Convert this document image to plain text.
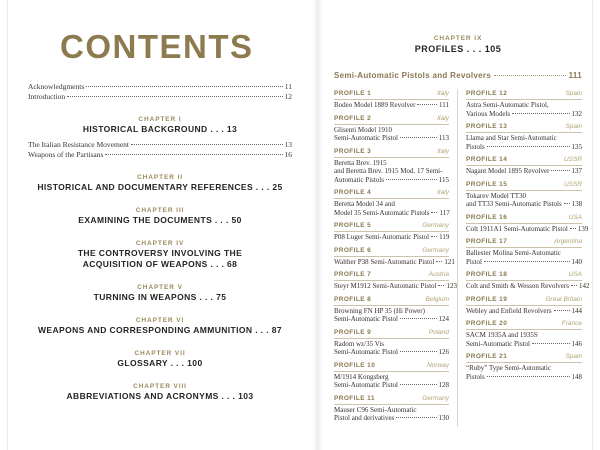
CONTENTS
Acknowledgments	11
Introduction	12
CHAPTER I
HISTORICAL BACKGROUND . . . 13
The Italian Resistance Movement	13
Weapons of the Partisans	16
CHAPTER II
HISTORICAL AND DOCUMENTARY REFERENCES . . . 25
CHAPTER III
EXAMINING THE DOCUMENTS . . . 50
CHAPTER IV
THE CONTROVERSY INVOLVING THE
ACQUISITION OF WEAPONS . . . 68
CHAPTER V
TURNING IN WEAPONS . . . 75
CHAPTER VI
WEAPONS AND CORRESPONDING AMMUNITION . . . 87
CHAPTER VII
GLOSSARY . . . 100
CHAPTER VIII
ABBREVIATIONS AND ACRONYMS . . . 103
CHAPTER IX
PROFILES . . . 105
Semi-Automatic Pistols and Revolvers	111
PROFILE 1	Italy
Bodeo Model 1889 Revolver	111
PROFILE 2	Italy
Glisenti Model 1910
Semi-Automatic Pistol	113
PROFILE 3	Italy
Beretta Brev. 1915
and Beretta Brev. 1915 Mod. 17 Semi-
Automatic Pistols	115
PROFILE 4	Italy
Beretta Model 34 and
Model 35 Semi-Automatic Pistols 117
PROFILE 5	Germany
P08 Luger Semi-Automatic Pistol 119
PROFILE 6	Germany
Walther P38 Semi-Automatic Pistol 121
PROFILE 7	Austria
Steyr M1912 Semi-Automatic Pistol 123
PROFILE 8	Belgium
Browning FN HP 35 (Hi Power)
Semi-Automatic Pistol	124
PROFILE 9	Poland
Radom wz/35 Vis
Semi-Automatic Pistol	126
PROFILE 10	Norway
M/1914 Kongsberg
Semi-Automatic Pistol	128
PROFILE 11	Germany
Mauser C96 Semi-Automatic
Pistol and derivatives	130
PROFILE 12	Spain
Astra Semi-Automatic Pistol,
Various Models	132
PROFILE 13	Spain
Llama and Star Semi-Automatic
Pistols	135
PROFILE 14	USSR
Nagant Model 1895 Revolver	137
PROFILE 15	USSR
Tokarev Model TT30
and TT33 Semi-Automatic Pistols 138
PROFILE 16	USA
Colt 1911A1 Semi-Automatic Pistol 139
PROFILE 17	Argentina
Ballester Molina Semi-Automatic
Pistol	140
PROFILE 18	USA
Colt and Smith & Wesson Revolvers 142
PROFILE 19	Great Britain
Webley and Enfield Revolvers	144
PROFILE 20	France
SACM 1935A and 1935S
Semi-Automatic Pistol	146
PROFILE 21	Spain
“Ruby” Type Semi-Automatic
Pistols	148
